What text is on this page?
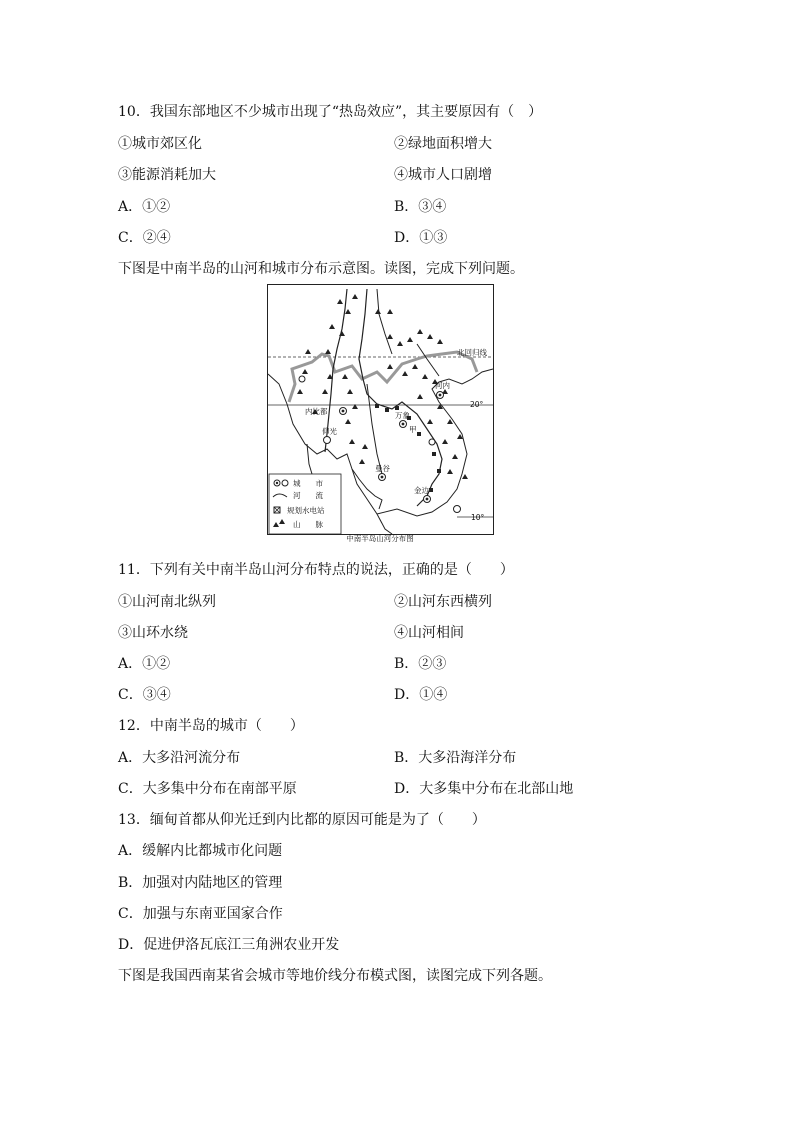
10．我国东部地区不少城市出现了“热岛效应”，其主要原因有（　）
①城市郊区化	②绿地面积增大
③能源消耗加大	④城市人口剧增
A．①②	B．③④
C．②④	D．①③
下图是中南半岛的山河和城市分布示意图。读图，完成下列问题。
北回归线
20°
10°
河内
内比都
仰光
万象
甲
曼谷
金边
城　　市
河　　流
规划水电站
山　　脉
中南半岛山河分布图
11．下列有关中南半岛山河分布特点的说法，正确的是（　　）
①山河南北纵列	②山河东西横列
③山环水绕	④山河相间
A．①②	B．②③
C．③④	D．①④
12．中南半岛的城市（　　）
A．大多沿河流分布	B．大多沿海洋分布
C．大多集中分布在南部平原	D．大多集中分布在北部山地
13．缅甸首都从仰光迁到内比都的原因可能是为了（　　）
A．缓解内比都城市化问题
B．加强对内陆地区的管理
C．加强与东南亚国家合作
D．促进伊洛瓦底江三角洲农业开发
下图是我国西南某省会城市等地价线分布模式图，读图完成下列各题。
